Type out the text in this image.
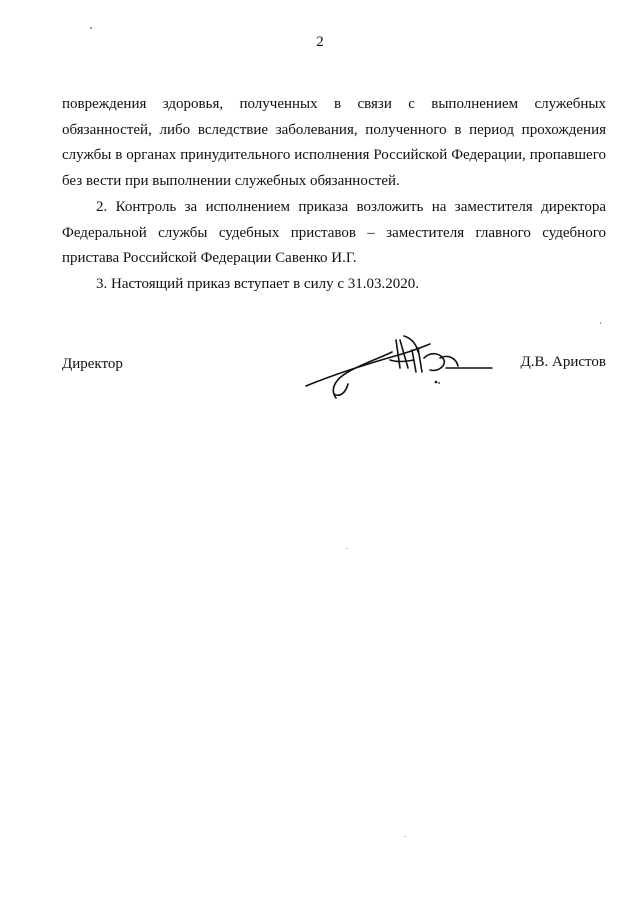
2

повреждения здоровья, полученных в связи с выполнением служебных обязанностей, либо вследствие заболевания, полученного в период прохождения службы в органах принудительного исполнения Российской Федерации, пропавшего без вести при выполнении служебных обязанностей.

2. Контроль за исполнением приказа возложить на заместителя директора Федеральной службы судебных приставов – заместителя главного судебного пристава Российской Федерации Савенко И.Г.

3. Настоящий приказ вступает в силу с 31.03.2020.

Директор	Д.В. Аристов
